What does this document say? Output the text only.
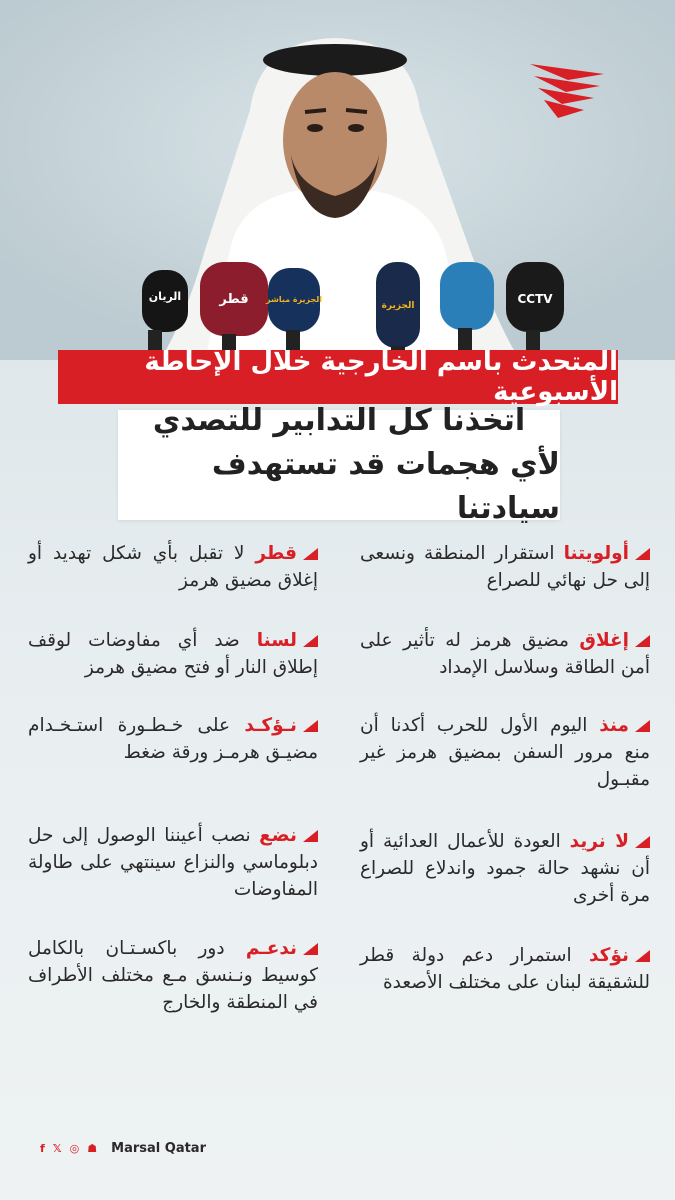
الريان	قطر الجزيرة مباشر
الجزيرة	CCTV
المتحدث باسم الخارجية خلال الإحاطة الأسبوعية
اتخذنا كل التدابير للتصدي
لأي هجمات قد تستهدف سيادتنا
أولويتنا استقرار المنطقة ونسعى إلى حل نهائي للصراع
إغلاق مضيق هرمز له تأثير على أمن الطاقة وسلاسل الإمداد
منذ اليوم الأول للحرب أكدنا أن منع مرور السفن بمضيق هرمز غير مقبـول
لا نريد العودة للأعمال العدائية أو أن نشهد حالة جمود واندلاع للصراع مرة أخرى
نؤكد استمرار دعم دولة قطر للشقيقة لبنان على مختلف الأصعدة
قطر لا تقبل بأي شكل تهديد أو إغلاق مضيق هرمز
لسنا ضد أي مفاوضات لوقف إطلاق النار أو فتح مضيق هرمز
نـؤكـد على خـطـورة استـخـدام مضيـق هرمـز ورقة ضغط
نضع نصب أعيننا الوصول إلى حل دبلوماسي والنزاع سينتهي على طاولة المفاوضات
ندعـم دور باكسـتـان بالكامل كوسيط ونـنسق مـع مختلف الأطراف في المنطقة والخارج
f 𝕏 ◎ ☗ Marsal Qatar
